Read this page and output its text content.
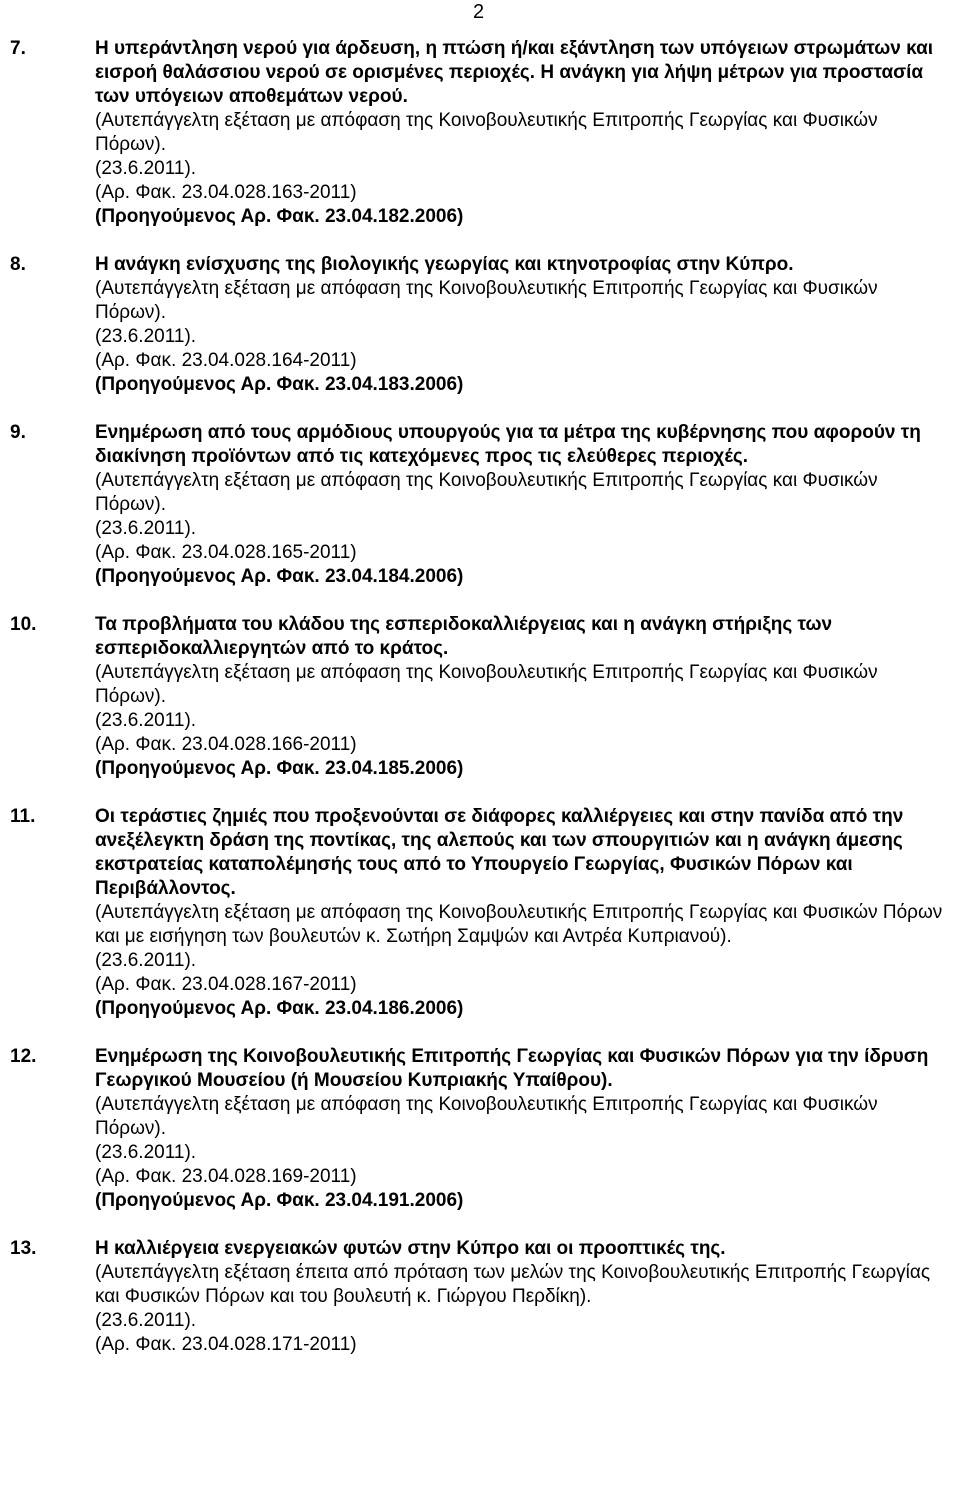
2
7.	Η υπεράντληση νερού για άρδευση, η πτώση ή/και εξάντληση των υπόγειων στρωμάτων και εισροή θαλάσσιου νερού σε ορισμένες περιοχές. Η ανάγκη για λήψη μέτρων για προστασία των υπόγειων αποθεμάτων νερού.

(Αυτεπάγγελτη εξέταση με απόφαση της Κοινοβουλευτικής Επιτροπής Γεωργίας και Φυσικών Πόρων).

(23.6.2011).

(Αρ. Φακ. 23.04.028.163-2011)

(Προηγούμενος Αρ. Φακ. 23.04.182.2006)

8.	Η ανάγκη ενίσχυσης της βιολογικής γεωργίας και κτηνοτροφίας στην Κύπρο.

(Αυτεπάγγελτη εξέταση με απόφαση της Κοινοβουλευτικής Επιτροπής Γεωργίας και Φυσικών Πόρων).

(23.6.2011).

(Αρ. Φακ. 23.04.028.164-2011)

(Προηγούμενος Αρ. Φακ. 23.04.183.2006)

9.	Ενημέρωση από τους αρμόδιους υπουργούς για τα μέτρα της κυβέρνησης που αφορούν τη διακίνηση προϊόντων από τις κατεχόμενες προς τις ελεύθερες περιοχές.

(Αυτεπάγγελτη εξέταση με απόφαση της Κοινοβουλευτικής Επιτροπής Γεωργίας και Φυσικών Πόρων).

(23.6.2011).

(Αρ. Φακ. 23.04.028.165-2011)

(Προηγούμενος Αρ. Φακ. 23.04.184.2006)

10.	Τα προβλήματα του κλάδου της εσπεριδοκαλλιέργειας και η ανάγκη στήριξης των εσπεριδοκαλλιεργητών από το κράτος.

(Αυτεπάγγελτη εξέταση με απόφαση της Κοινοβουλευτικής Επιτροπής Γεωργίας και Φυσικών Πόρων).

(23.6.2011).

(Αρ. Φακ. 23.04.028.166-2011)

(Προηγούμενος Αρ. Φακ. 23.04.185.2006)

11.	Οι τεράστιες ζημιές που προξενούνται σε διάφορες καλλιέργειες και στην πανίδα από την ανεξέλεγκτη δράση της ποντίκας, της αλεπούς και των σπουργιτιών και η ανάγκη άμεσης εκστρατείας καταπολέμησής τους από το Υπουργείο Γεωργίας, Φυσικών Πόρων και Περιβάλλοντος.

(Αυτεπάγγελτη εξέταση με απόφαση της Κοινοβουλευτικής Επιτροπής Γεωργίας και Φυσικών Πόρων και με εισήγηση των βουλευτών κ. Σωτήρη Σαμψών και Αντρέα Κυπριανού).

(23.6.2011).

(Αρ. Φακ. 23.04.028.167-2011)

(Προηγούμενος Αρ. Φακ. 23.04.186.2006)

12.	Ενημέρωση της Κοινοβουλευτικής Επιτροπής Γεωργίας και Φυσικών Πόρων για την ίδρυση Γεωργικού Μουσείου (ή Μουσείου Κυπριακής Υπαίθρου).

(Αυτεπάγγελτη εξέταση με απόφαση της Κοινοβουλευτικής Επιτροπής Γεωργίας και Φυσικών Πόρων).

(23.6.2011).

(Αρ. Φακ. 23.04.028.169-2011)

(Προηγούμενος Αρ. Φακ. 23.04.191.2006)

13.	Η καλλιέργεια ενεργειακών φυτών στην Κύπρο και οι προοπτικές της.

(Αυτεπάγγελτη εξέταση έπειτα από πρόταση των μελών της Κοινοβουλευτικής Επιτροπής Γεωργίας και Φυσικών Πόρων και του βουλευτή κ. Γιώργου Περδίκη).

(23.6.2011).

(Αρ. Φακ. 23.04.028.171-2011)
